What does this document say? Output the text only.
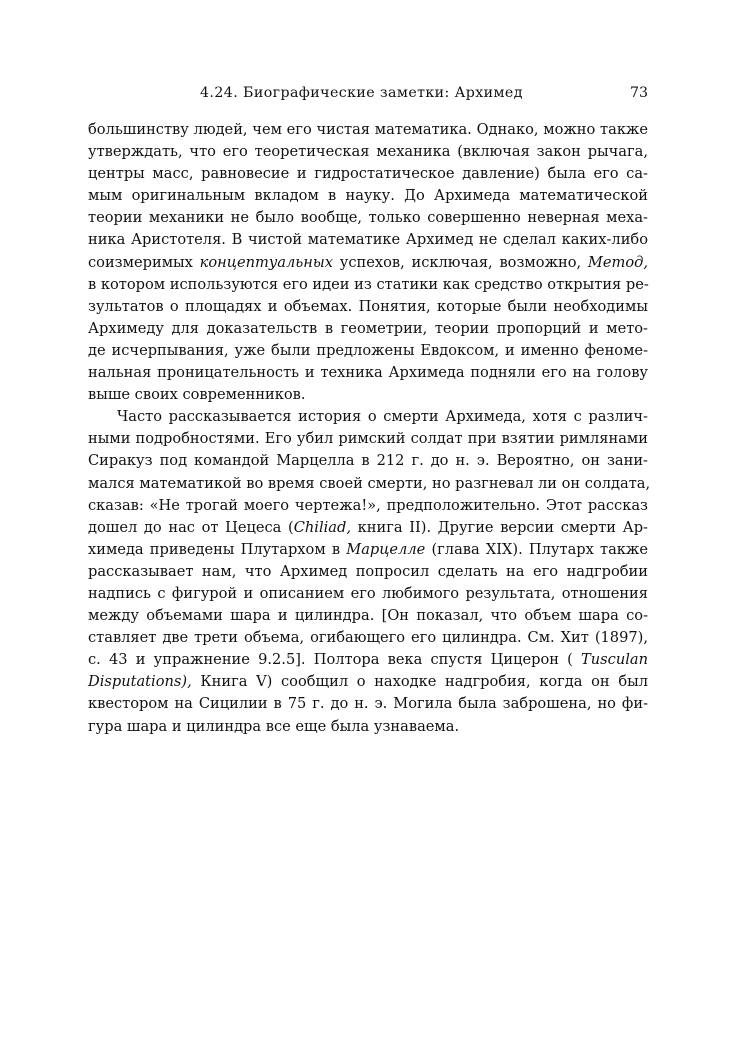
4.24. Биографические заметки: Архимед	73
большинству людей, чем его чистая математика. Однако, можно также
утверждать, что его теоретическая механика (включая закон рычага,
центры масс, равновесие и гидростатическое давление) была его са-
мым оригинальным вкладом в науку. До Архимеда математической
теории механики не было вообще, только совершенно неверная меха-
ника Аристотеля. В чистой математике Архимед не сделал каких-либо
соизмеримых концептуальных успехов, исключая, возможно, Метод,
в котором используются его идеи из статики как средство открытия ре-
зультатов о площадях и объемах. Понятия, которые были необходимы
Архимеду для доказательств в геометрии, теории пропорций и мето-
де исчерпывания, уже были предложены Евдоксом, и именно феноме-
нальная проницательность и техника Архимеда подняли его на голову
выше своих современников.
Часто рассказывается история о смерти Архимеда, хотя с различ-
ными подробностями. Его убил римский солдат при взятии римлянами
Сиракуз под командой Марцелла в 212 г. до н. э. Вероятно, он зани-
мался математикой во время своей смерти, но разгневал ли он солдата,
сказав: «Не трогай моего чертежа!», предположительно. Этот рассказ
дошел до нас от Цецеса (Chiliad, книга II). Другие версии смерти Ар-
химеда приведены Плутархом в Марцелле (глава XIX). Плутарх также
рассказывает нам, что Архимед попросил сделать на его надгробии
надпись с фигурой и описанием его любимого результата, отношения
между объемами шара и цилиндра. [Он показал, что объем шара со-
ставляет две трети объема, огибающего его цилиндра. См. Хит (1897),
с. 43 и упражнение 9.2.5]. Полтора века спустя Цицерон ( Tusculan
Disputations), Книга V) сообщил о находке надгробия, когда он был
квестором на Сицилии в 75 г. до н. э. Могила была заброшена, но фи-
гура шара и цилиндра все еще была узнаваема.
